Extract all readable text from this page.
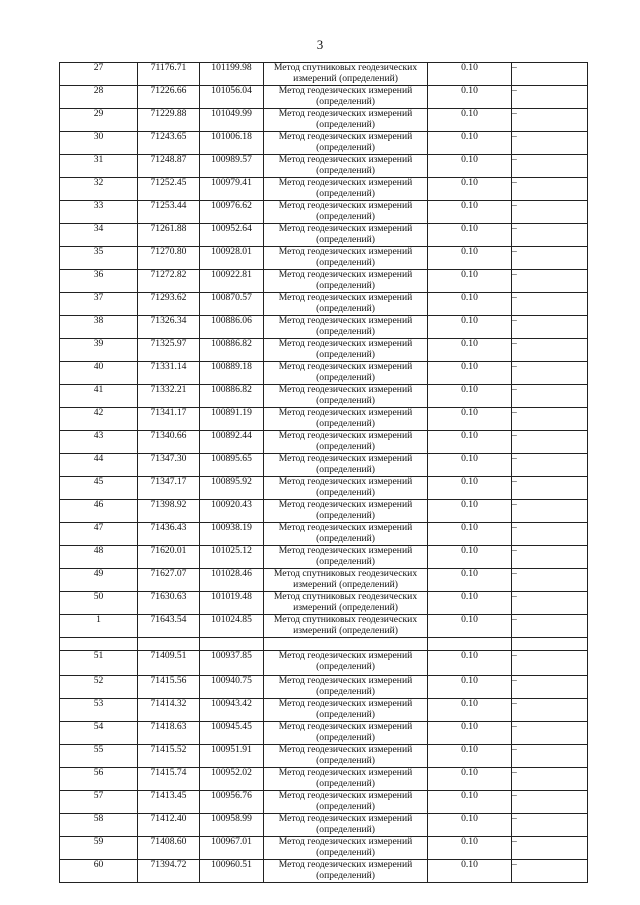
3
27	71176.71	101199.98	Метод спутниковых геодезических
измерений (определений)	0.10	–
28	71226.66	101056.04	Метод геодезических измерений
(определений)	0.10	–
29	71229.88	101049.99	Метод геодезических измерений
(определений)	0.10	–
30	71243.65	101006.18	Метод геодезических измерений
(определений)	0.10	–
31	71248.87	100989.57	Метод геодезических измерений
(определений)	0.10	–
32	71252.45	100979.41	Метод геодезических измерений
(определений)	0.10	–
33	71253.44	100976.62	Метод геодезических измерений
(определений)	0.10	–
34	71261.88	100952.64	Метод геодезических измерений
(определений)	0.10	–
35	71270.80	100928.01	Метод геодезических измерений
(определений)	0.10	–
36	71272.82	100922.81	Метод геодезических измерений
(определений)	0.10	–
37	71293.62	100870.57	Метод геодезических измерений
(определений)	0.10	–
38	71326.34	100886.06	Метод геодезических измерений
(определений)	0.10	–
39	71325.97	100886.82	Метод геодезических измерений
(определений)	0.10	–
40	71331.14	100889.18	Метод геодезических измерений
(определений)	0.10	–
41	71332.21	100886.82	Метод геодезических измерений
(определений)	0.10	–
42	71341.17	100891.19	Метод геодезических измерений
(определений)	0.10	–
43	71340.66	100892.44	Метод геодезических измерений
(определений)	0.10	–
44	71347.30	100895.65	Метод геодезических измерений
(определений)	0.10	–
45	71347.17	100895.92	Метод геодезических измерений
(определений)	0.10	–
46	71398.92	100920.43	Метод геодезических измерений
(определений)	0.10	–
47	71436.43	100938.19	Метод геодезических измерений
(определений)	0.10	–
48	71620.01	101025.12	Метод геодезических измерений
(определений)	0.10	–
49	71627.07	101028.46	Метод спутниковых геодезических
измерений (определений)	0.10	–
50	71630.63	101019.48	Метод спутниковых геодезических
измерений (определений)	0.10	–
1	71643.54	101024.85	Метод спутниковых геодезических
измерений (определений)	0.10	–

51	71409.51	100937.85	Метод геодезических измерений
(определений)	0.10	–
52	71415.56	100940.75	Метод геодезических измерений
(определений)	0.10	–
53	71414.32	100943.42	Метод геодезических измерений
(определений)	0.10	–
54	71418.63	100945.45	Метод геодезических измерений
(определений)	0.10	–
55	71415.52	100951.91	Метод геодезических измерений
(определений)	0.10	–
56	71415.74	100952.02	Метод геодезических измерений
(определений)	0.10	–
57	71413.45	100956.76	Метод геодезических измерений
(определений)	0.10	–
58	71412.40	100958.99	Метод геодезических измерений
(определений)	0.10	–
59	71408.60	100967.01	Метод геодезических измерений
(определений)	0.10	–
60	71394.72	100960.51	Метод геодезических измерений
(определений)	0.10	–
